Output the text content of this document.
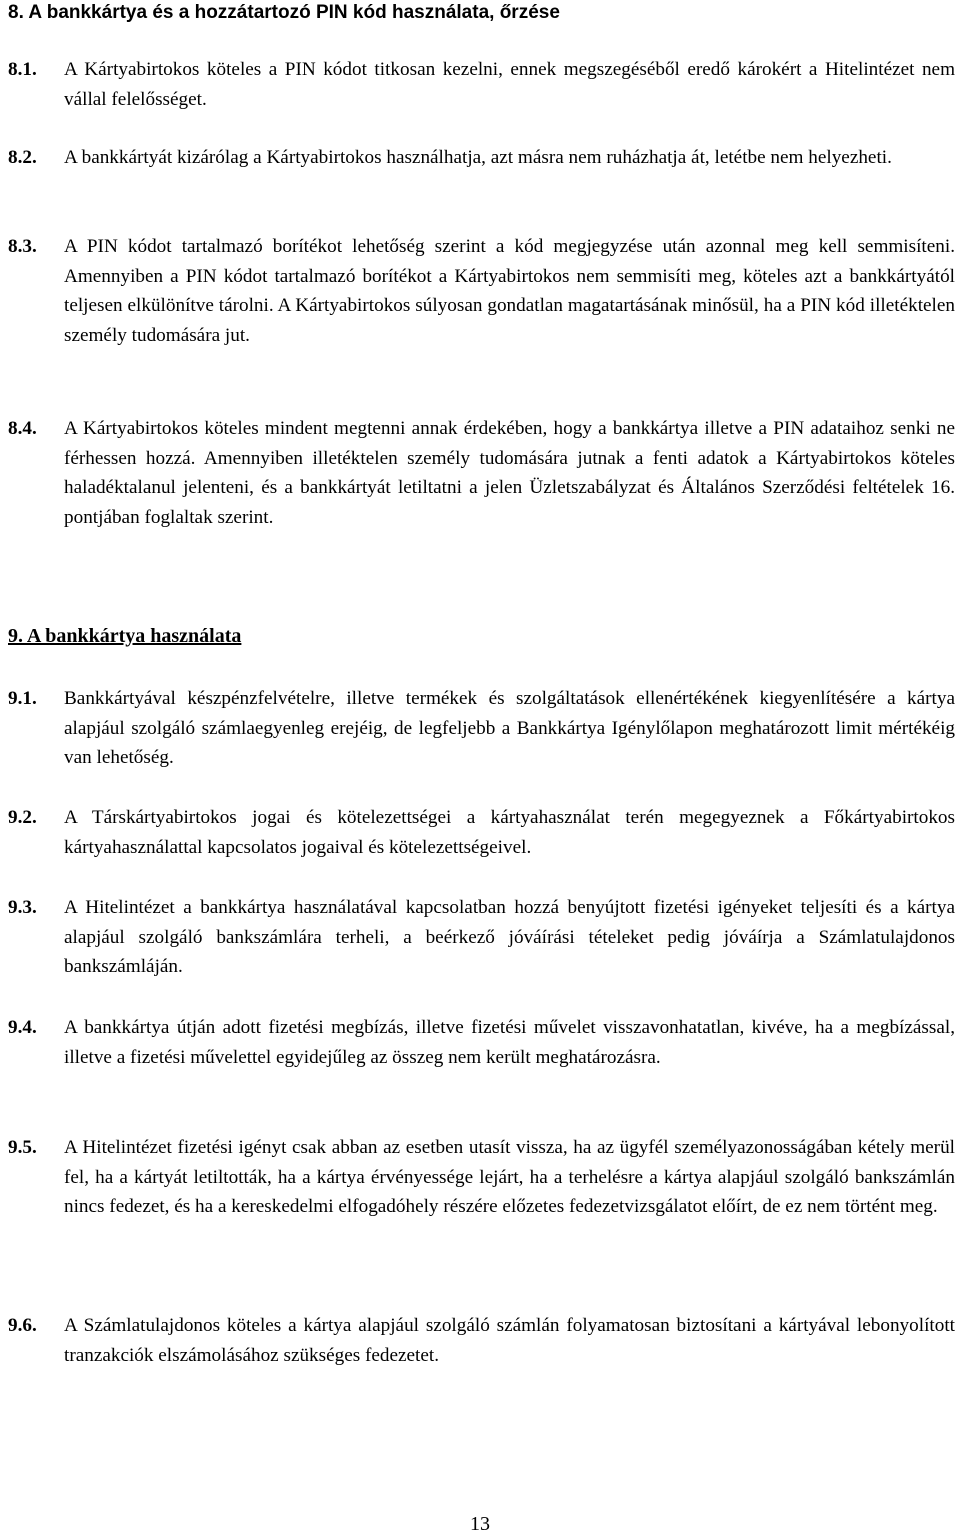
8. A bankkártya és a hozzátartozó PIN kód használata, őrzése
8.1.	A Kártyabirtokos köteles a PIN kódot titkosan kezelni, ennek megszegéséből eredő károkért a Hitelintézet nem vállal felelősséget.
8.2.	A bankkártyát kizárólag a Kártyabirtokos használhatja, azt másra nem ruházhatja át, letétbe nem helyezheti.
8.3.	A PIN kódot tartalmazó borítékot lehetőség szerint a kód megjegyzése után azonnal meg kell semmisíteni. Amennyiben a PIN kódot tartalmazó borítékot a Kártyabirtokos nem semmisíti meg, köteles azt a bankkártyától teljesen elkülönítve tárolni. A Kártyabirtokos súlyosan gondatlan magatartásának minősül, ha a PIN kód illetéktelen személy tudomására jut.
8.4.	A Kártyabirtokos köteles mindent megtenni annak érdekében, hogy a bankkártya illetve a PIN adataihoz senki ne férhessen hozzá. Amennyiben illetéktelen személy tudomására jutnak a fenti adatok a Kártyabirtokos köteles haladéktalanul jelenteni, és a bankkártyát letiltatni a jelen Üzletszabályzat és Általános Szerződési feltételek 16. pontjában foglaltak szerint.
9. A bankkártya használata
9.1.	Bankkártyával készpénzfelvételre, illetve termékek és szolgáltatások ellenértékének kiegyenlítésére a kártya alapjául szolgáló számlaegyenleg erejéig, de legfeljebb a Bankkártya Igénylőlapon meghatározott limit mértékéig van lehetőség.
9.2.	A Társkártyabirtokos jogai és kötelezettségei a kártyahasználat terén megegyeznek a Főkártyabirtokos kártyahasználattal kapcsolatos jogaival és kötelezettségeivel.
9.3.	A Hitelintézet a bankkártya használatával kapcsolatban hozzá benyújtott fizetési igényeket teljesíti és a kártya alapjául szolgáló bankszámlára terheli, a beérkező jóváírási tételeket pedig jóváírja a Számlatulajdonos bankszámláján.
9.4.	A bankkártya útján adott fizetési megbízás, illetve fizetési művelet visszavonhatatlan, kivéve, ha a megbízással, illetve a fizetési művelettel egyidejűleg az összeg nem került meghatározásra.
9.5.	A Hitelintézet fizetési igényt csak abban az esetben utasít vissza, ha az ügyfél személyazonosságában kétely merül fel, ha a kártyát letiltották, ha a kártya érvényessége lejárt, ha a terhelésre a kártya alapjául szolgáló bankszámlán nincs fedezet, és ha a kereskedelmi elfogadóhely részére előzetes fedezetvizsgálatot előírt, de ez nem történt meg.
9.6.	A Számlatulajdonos köteles a kártya alapjául szolgáló számlán folyamatosan biztosítani a kártyával lebonyolított tranzakciók elszámolásához szükséges fedezetet.
13
